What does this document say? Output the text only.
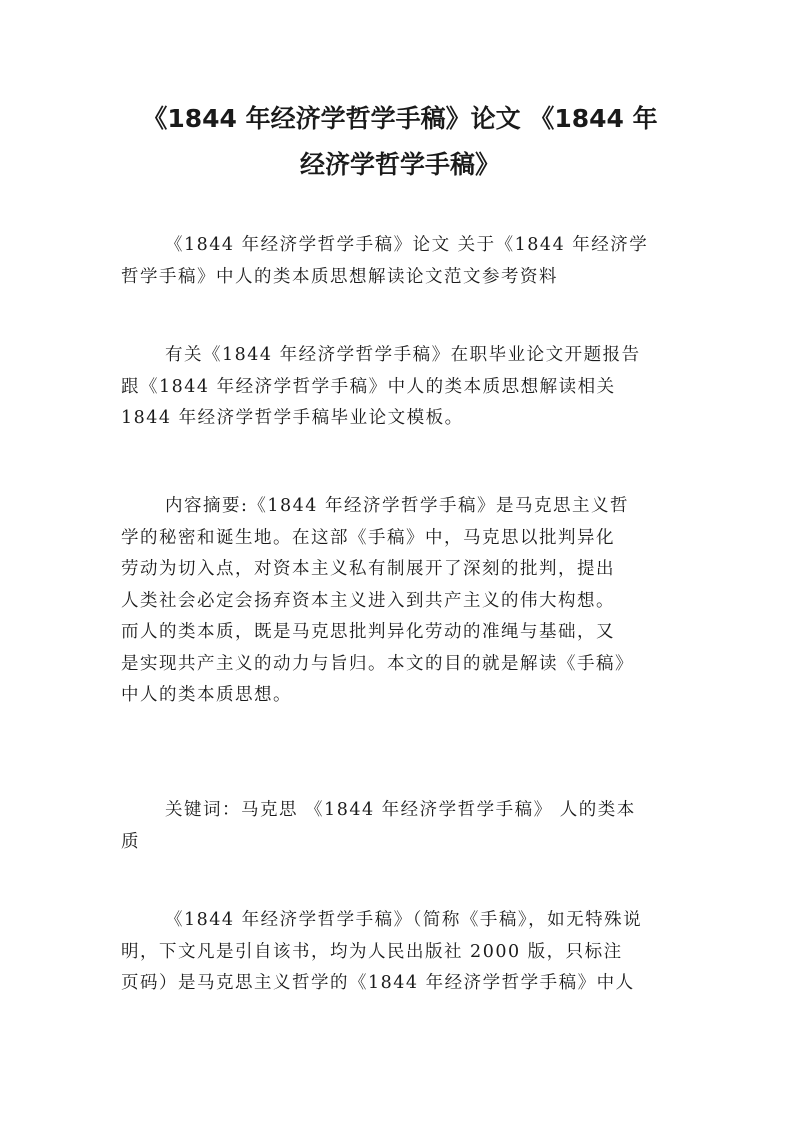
《1844 年经济学哲学手稿》论文 《1844 年
经济学哲学手稿》

《1844 年经济学哲学手稿》论文 关于《1844 年经济学
哲学手稿》中人的类本质思想解读论文范文参考资料

有关《1844 年经济学哲学手稿》在职毕业论文开题报告
跟《1844 年经济学哲学手稿》中人的类本质思想解读相关
1844 年经济学哲学手稿毕业论文模板。

内容摘要:《1844 年经济学哲学手稿》是马克思主义哲
学的秘密和诞生地。在这部《手稿》中，马克思以批判异化
劳动为切入点，对资本主义私有制展开了深刻的批判，提出
人类社会必定会扬弃资本主义进入到共产主义的伟大构想。
而人的类本质，既是马克思批判异化劳动的准绳与基础，又
是实现共产主义的动力与旨归。本文的目的就是解读《手稿》
中人的类本质思想。

关键词：马克思 《1844 年经济学哲学手稿》 人的类本
质

《1844 年经济学哲学手稿》（简称《手稿》，如无特殊说
明，下文凡是引自该书，均为人民出版社 2000 版，只标注
页码）是马克思主义哲学的《1844 年经济学哲学手稿》中人
